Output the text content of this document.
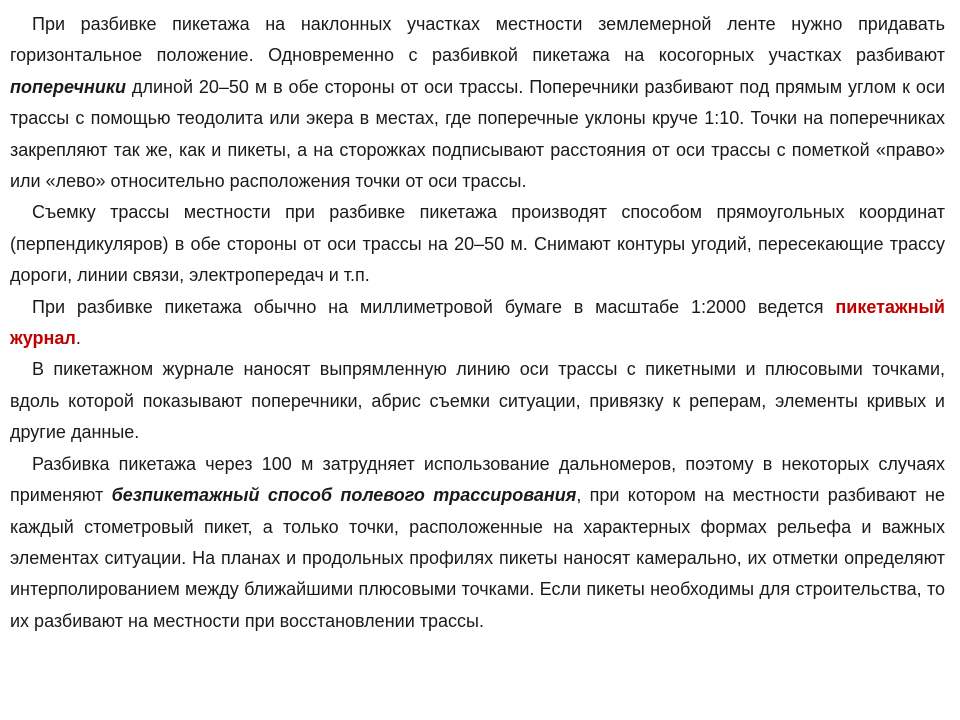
При разбивке пикетажа на наклонных участках местности землемерной ленте нужно придавать горизонтальное положение. Одновременно с разбивкой пикетажа на косогорных участках разбивают поперечники длиной 20–50 м в обе стороны от оси трассы. Поперечники разбивают под прямым углом к оси трассы с помощью теодолита или экера в местах, где поперечные уклоны круче 1:10. Точки на поперечниках закрепляют так же, как и пикеты, а на сторожках подписывают расстояния от оси трассы с пометкой «право» или «лево» относительно расположения точки от оси трассы.

Съемку трассы местности при разбивке пикетажа производят способом прямоугольных координат (перпендикуляров) в обе стороны от оси трассы на 20–50 м. Снимают контуры угодий, пересекающие трассу дороги, линии связи, электропередач и т.п.

При разбивке пикетажа обычно на миллиметровой бумаге в масштабе 1:2000 ведется пикетажный журнал.

В пикетажном журнале наносят выпрямленную линию оси трассы с пикетными и плюсовыми точками, вдоль которой показывают поперечники, абрис съемки ситуации, привязку к реперам, элементы кривых и другие данные.

Разбивка пикетажа через 100 м затрудняет использование дальномеров, поэтому в некоторых случаях применяют безпикетажный способ полевого трассирования, при котором на местности разбивают не каждый стометровый пикет, а только точки, расположенные на характерных формах рельефа и важных элементах ситуации. На планах и продольных профилях пикеты наносят камерально, их отметки определяют интерполированием между ближайшими плюсовыми точками. Если пикеты необходимы для строительства, то их разбивают на местности при восстановлении трассы.
